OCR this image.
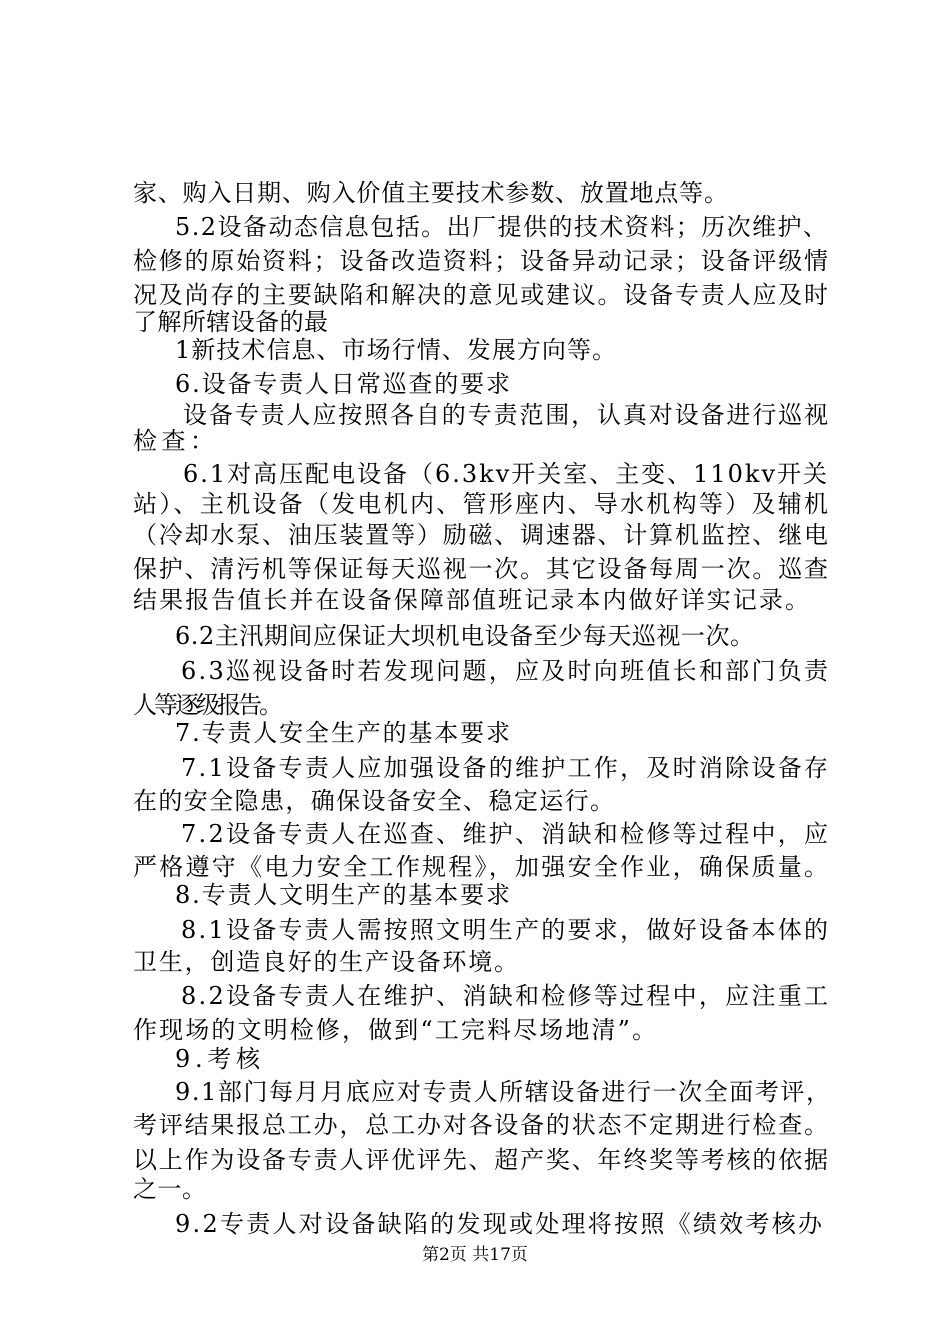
家、购入日期、购入价值主要技术参数、放置地点等。
5.2设备动态信息包括。出厂提供的技术资料；历次维护、
检修的原始资料；设备改造资料；设备异动记录；设备评级情
况及尚存的主要缺陷和解决的意见或建议。设备专责人应及时
了解所辖设备的最
1新技术信息、市场行情、发展方向等。
6.设备专责人日常巡查的要求
设备专责人应按照各自的专责范围，认真对设备进行巡视
检查：
6.1对高压配电设备（6.3kv开关室、主变、110kv开关
站）、主机设备（发电机内、管形座内、导水机构等）及辅机
（冷却水泵、油压装置等）励磁、调速器、计算机监控、继电
保护、清污机等保证每天巡视一次。其它设备每周一次。巡查
结果报告值长并在设备保障部值班记录本内做好详实记录。
6.2主汛期间应保证大坝机电设备至少每天巡视一次。
6.3巡视设备时若发现问题，应及时向班值长和部门负责
人等逐级报告。
7.专责人安全生产的基本要求
7.1设备专责人应加强设备的维护工作，及时消除设备存
在的安全隐患，确保设备安全、稳定运行。
7.2设备专责人在巡查、维护、消缺和检修等过程中，应
严格遵守《电力安全工作规程》，加强安全作业，确保质量。
8.专责人文明生产的基本要求
8.1设备专责人需按照文明生产的要求，做好设备本体的
卫生，创造良好的生产设备环境。
8.2设备专责人在维护、消缺和检修等过程中，应注重工
作现场的文明检修，做到“工完料尽场地清”。
9.考核
9.1部门每月月底应对专责人所辖设备进行一次全面考评，
考评结果报总工办，总工办对各设备的状态不定期进行检查。
以上作为设备专责人评优评先、超产奖、年终奖等考核的依据
之一。
9.2专责人对设备缺陷的发现或处理将按照《绩效考核办
第2页 共17页
